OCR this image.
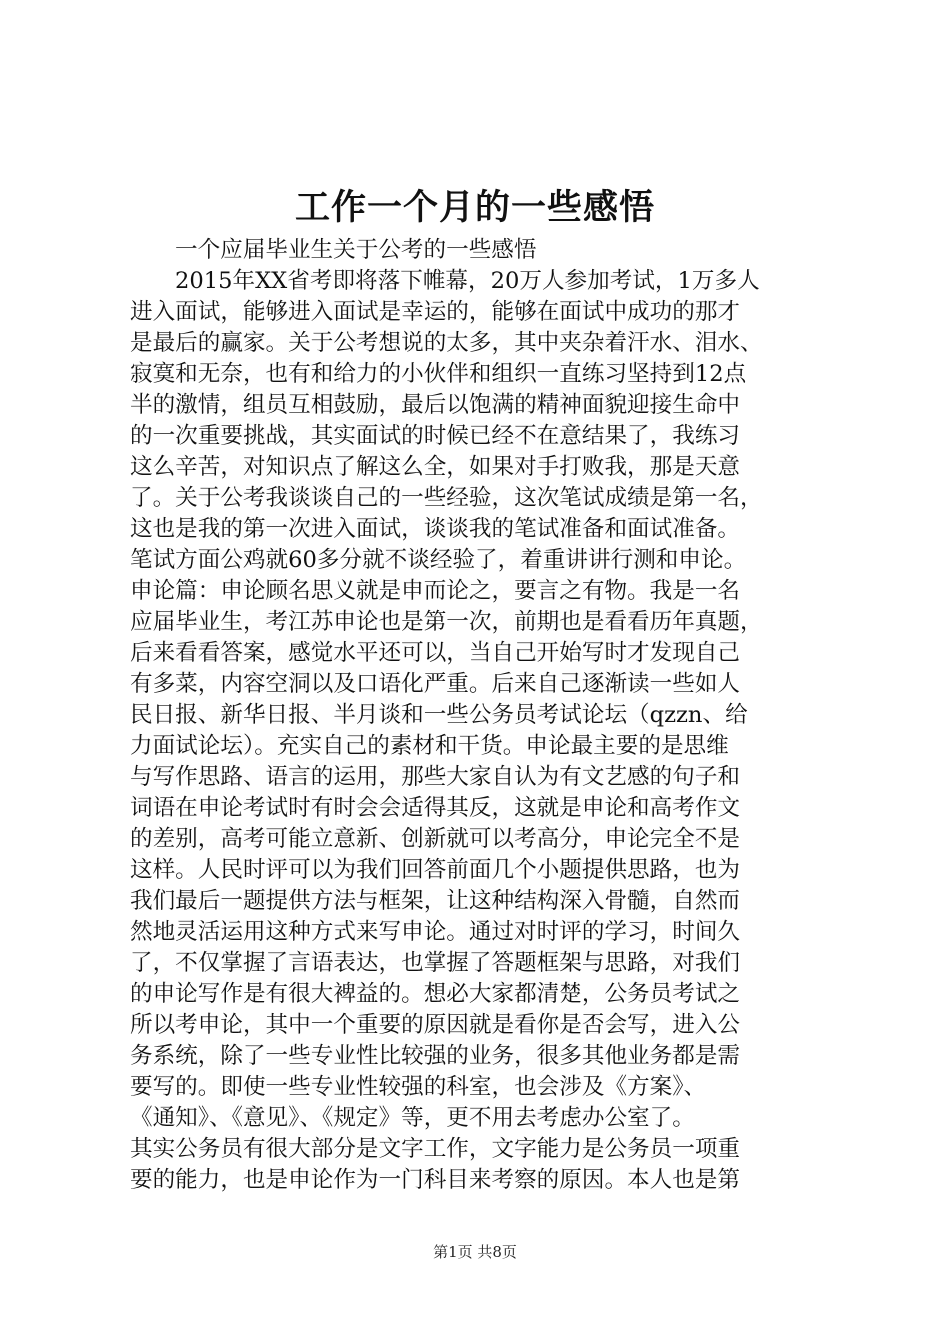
工作一个月的一些感悟
一个应届毕业生关于公考的一些感悟
2015年XX省考即将落下帷幕，20万人参加考试，1万多人
进入面试，能够进入面试是幸运的，能够在面试中成功的那才
是最后的赢家。关于公考想说的太多，其中夹杂着汗水、泪水、
寂寞和无奈，也有和给力的小伙伴和组织一直练习坚持到12点
半的激情，组员互相鼓励，最后以饱满的精神面貌迎接生命中
的一次重要挑战，其实面试的时候已经不在意结果了，我练习
这么辛苦，对知识点了解这么全，如果对手打败我，那是天意
了。关于公考我谈谈自己的一些经验，这次笔试成绩是第一名，
这也是我的第一次进入面试，谈谈我的笔试准备和面试准备。
笔试方面公鸡就60多分就不谈经验了，着重讲讲行测和申论。
申论篇：申论顾名思义就是申而论之，要言之有物。我是一名
应届毕业生，考江苏申论也是第一次，前期也是看看历年真题，
后来看看答案，感觉水平还可以，当自己开始写时才发现自己
有多菜，内容空洞以及口语化严重。后来自己逐渐读一些如人
民日报、新华日报、半月谈和一些公务员考试论坛（qzzn、给
力面试论坛）。充实自己的素材和干货。申论最主要的是思维
与写作思路、语言的运用，那些大家自认为有文艺感的句子和
词语在申论考试时有时会会适得其反，这就是申论和高考作文
的差别，高考可能立意新、创新就可以考高分，申论完全不是
这样。人民时评可以为我们回答前面几个小题提供思路，也为
我们最后一题提供方法与框架，让这种结构深入骨髓，自然而
然地灵活运用这种方式来写申论。通过对时评的学习，时间久
了，不仅掌握了言语表达，也掌握了答题框架与思路，对我们
的申论写作是有很大裨益的。想必大家都清楚，公务员考试之
所以考申论，其中一个重要的原因就是看你是否会写，进入公
务系统，除了一些专业性比较强的业务，很多其他业务都是需
要写的。即使一些专业性较强的科室，也会涉及《方案》、
《通知》、《意见》、《规定》等，更不用去考虑办公室了。
其实公务员有很大部分是文字工作，文字能力是公务员一项重
要的能力，也是申论作为一门科目来考察的原因。本人也是第
第1页 共8页
